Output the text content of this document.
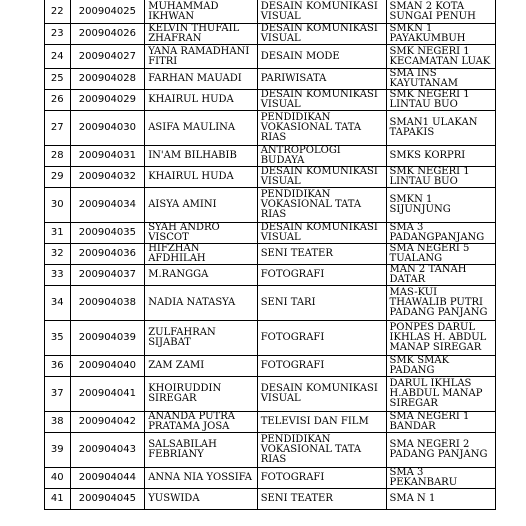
22	200904025	MUHAMMAD IKHWAN	DESAIN KOMUNIKASI VISUAL	SMAN 2 KOTA SUNGAI PENUH
23	200904026	KELVIN THUFAIL ZHAFRAN	DESAIN KOMUNIKASI VISUAL	SMKN 1 PAYAKUMBUH
24	200904027	YANA RAMADHANI FITRI	DESAIN MODE	SMK NEGERI 1 KECAMATAN LUAK
25	200904028	FARHAN MAUADI	PARIWISATA	SMA INS KAYUTANAM
26	200904029	KHAIRUL HUDA	DESAIN KOMUNIKASI VISUAL	SMK NEGERI 1 LINTAU BUO
27	200904030	ASIFA MAULINA	PENDIDIKAN VOKASIONAL TATA RIAS	SMAN1 ULAKAN TAPAKIS
28	200904031	IN'AM BILHABIB	ANTROPOLOGI BUDAYA	SMKS KORPRI
29	200904032	KHAIRUL HUDA	DESAIN KOMUNIKASI VISUAL	SMK NEGERI 1 LINTAU BUO
30	200904034	AISYA AMINI	PENDIDIKAN VOKASIONAL TATA RIAS	SMKN 1 SIJUNJUNG
31	200904035	SYAH ANDRO VISCOT	DESAIN KOMUNIKASI VISUAL	SMA 3 PADANGPANJANG
32	200904036	HIFZHAN AFDHILAH	SENI TEATER	SMA NEGERI 5 TUALANG
33	200904037	M.RANGGA	FOTOGRAFI	MAN 2 TANAH DATAR
34	200904038	NADIA NATASYA	SENI TARI	MAS-KUI THAWALIB PUTRI PADANG PANJANG
35	200904039	ZULFAHRAN SIJABAT	FOTOGRAFI	PONPES DARUL IKHLAS H. ABDUL MANAP SIREGAR
36	200904040	ZAM ZAMI	FOTOGRAFI	SMK SMAK PADANG
37	200904041	KHOIRUDDIN SIREGAR	DESAIN KOMUNIKASI VISUAL	DARUL IKHLAS H.ABDUL MANAP SIREGAR
38	200904042	ANANDA PUTRA PRATAMA JOSA	TELEVISI DAN FILM	SMA NEGERI 1 BANDAR
39	200904043	SALSABILAH FEBRIANY	PENDIDIKAN VOKASIONAL TATA RIAS	SMA NEGERI 2 PADANG PANJANG
40	200904044	ANNA NIA YOSSIFA	FOTOGRAFI	SMA 3 PEKANBARU
41	200904045	YUSWIDA	SENI TEATER	SMA N 1
